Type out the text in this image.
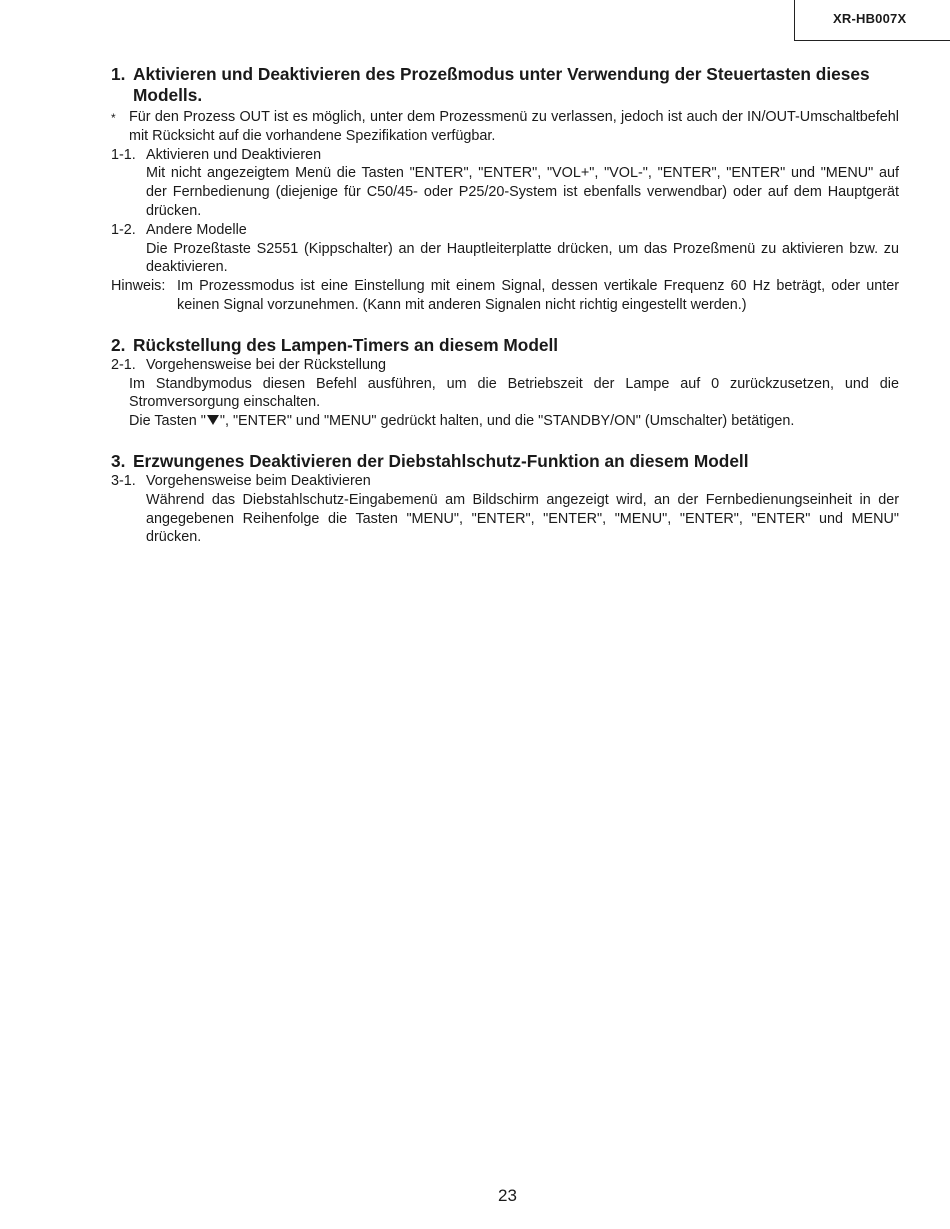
XR-HB007X
1. Aktivieren und Deaktivieren des Prozeßmodus unter Verwendung der Steuertasten dieses Modells.
* Für den Prozess OUT ist es möglich, unter dem Prozessmenü zu verlassen, jedoch ist auch der IN/OUT-Umschaltbefehl mit Rücksicht auf die vorhandene Spezifikation verfügbar.
1-1. Aktivieren und Deaktivieren
Mit nicht angezeigtem Menü die Tasten "ENTER", "ENTER", "VOL+", "VOL-", "ENTER", "ENTER" und "MENU" auf der Fernbedienung (diejenige für C50/45- oder P25/20-System ist ebenfalls verwendbar) oder auf dem Hauptgerät drücken.
1-2. Andere Modelle
Die Prozeßtaste S2551 (Kippschalter) an der Hauptleiterplatte drücken, um das Prozeßmenü zu aktivieren bzw. zu deaktivieren.
Hinweis: Im Prozessmodus ist eine Einstellung mit einem Signal, dessen vertikale Frequenz 60 Hz beträgt, oder unter keinen Signal vorzunehmen. (Kann mit anderen Signalen nicht richtig eingestellt werden.)
2. Rückstellung des Lampen-Timers an diesem Modell
2-1. Vorgehensweise bei der Rückstellung
Im Standbymodus diesen Befehl ausführen, um die Betriebszeit der Lampe auf 0 zurückzusetzen, und die Stromversorgung einschalten.
Die Tasten " ", "ENTER" und "MENU" gedrückt halten, und die "STANDBY/ON" (Umschalter) betätigen.
3. Erzwungenes Deaktivieren der Diebstahlschutz-Funktion an diesem Modell
3-1. Vorgehensweise beim Deaktivieren
Während das Diebstahlschutz-Eingabemenü am Bildschirm angezeigt wird, an der Fernbedienungseinheit in der angegebenen Reihenfolge die Tasten "MENU", "ENTER", "ENTER", "MENU", "ENTER", "ENTER" und MENU" drücken.
23
